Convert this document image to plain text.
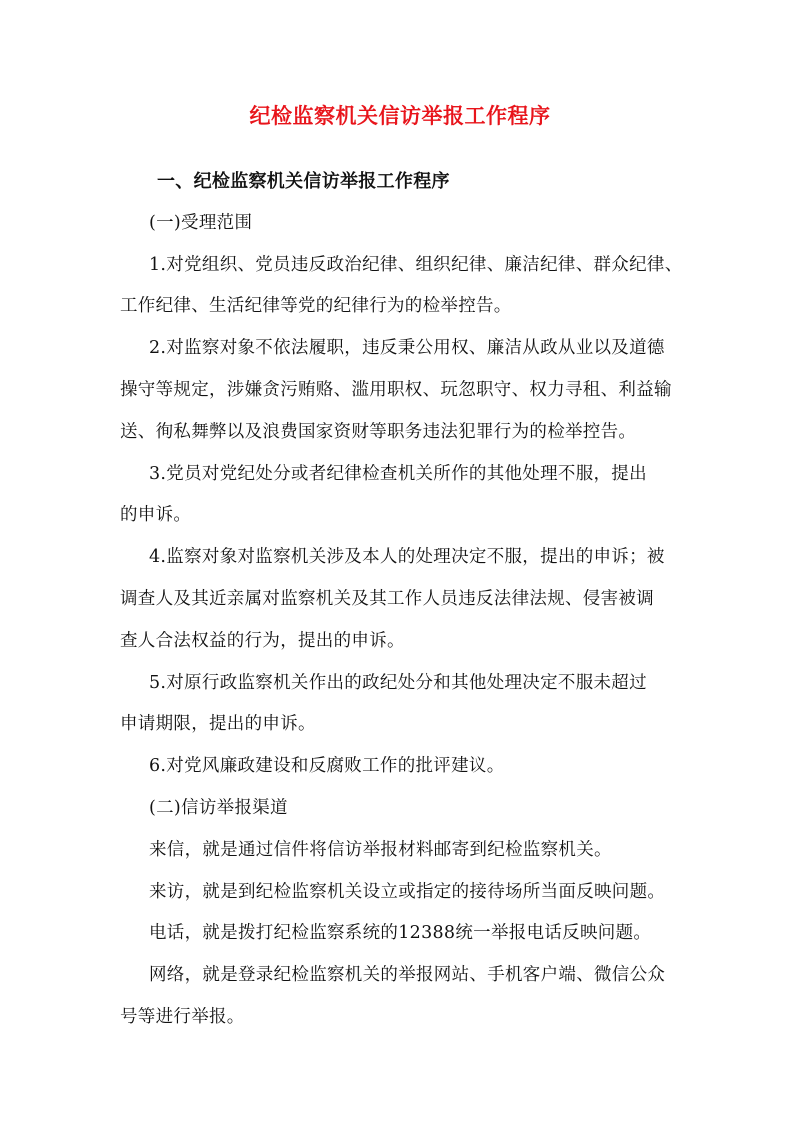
纪检监察机关信访举报工作程序
一、纪检监察机关信访举报工作程序
(一)受理范围
1.对党组织、党员违反政治纪律、组织纪律、廉洁纪律、群众纪律、
工作纪律、生活纪律等党的纪律行为的检举控告。
2.对监察对象不依法履职，违反秉公用权、廉洁从政从业以及道德
操守等规定，涉嫌贪污贿赂、滥用职权、玩忽职守、权力寻租、利益输
送、徇私舞弊以及浪费国家资财等职务违法犯罪行为的检举控告。
3.党员对党纪处分或者纪律检查机关所作的其他处理不服，提出
的申诉。
4.监察对象对监察机关涉及本人的处理决定不服，提出的申诉；被
调查人及其近亲属对监察机关及其工作人员违反法律法规、侵害被调
查人合法权益的行为，提出的申诉。
5.对原行政监察机关作出的政纪处分和其他处理决定不服未超过
申请期限，提出的申诉。
6.对党风廉政建设和反腐败工作的批评建议。
(二)信访举报渠道
来信，就是通过信件将信访举报材料邮寄到纪检监察机关。
来访，就是到纪检监察机关设立或指定的接待场所当面反映问题。
电话，就是拨打纪检监察系统的12388统一举报电话反映问题。
网络，就是登录纪检监察机关的举报网站、手机客户端、微信公众
号等进行举报。
